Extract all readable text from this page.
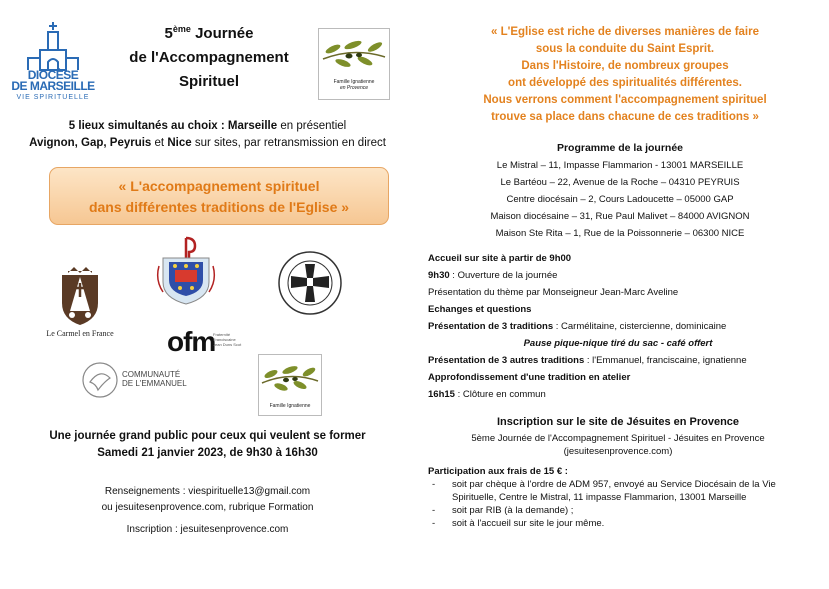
DIOCÈSE
DE MARSEILLE
VIE SPIRITUELLE
5ème Journée
de l'Accompagnement
Spirituel	Famille Ignatienne
en Provence
5 lieux simultanés au choix : Marseille en présentiel
Avignon, Gap, Peyruis et Nice sur sites, par retransmission en direct
« L'accompagnement spirituel
dans différentes traditions de l'Eglise »
Le Carmel en France	ofm
Fraternité Franciscaine Jean Duns Scot
COMMUNAUTÉ
DE L'EMMANUEL
Famille Ignatienne
Une journée grand public pour ceux qui veulent se former
Samedi 21 janvier 2023, de 9h30 à 16h30
Renseignements : viespirituelle13@gmail.com
ou jesuitesenprovence.com, rubrique Formation
Inscription : jesuitesenprovence.com
« L'Eglise est riche de diverses manières de faire
sous la conduite du Saint Esprit.
Dans l'Histoire, de nombreux groupes
ont développé des spiritualités différentes.
Nous verrons comment l'accompagnement spirituel
trouve sa place dans chacune de ces traditions »
Programme de la journée
Le Mistral – 11, Impasse Flammarion - 13001 MARSEILLE
Le Bartéou – 22, Avenue de la Roche – 04310 PEYRUIS
Centre diocésain – 2, Cours Ladoucette – 05000 GAP
Maison diocésaine – 31, Rue Paul Malivet – 84000 AVIGNON
Maison Ste Rita – 1, Rue de la Poissonnerie – 06300 NICE
Accueil sur site à partir de 9h00
9h30 : Ouverture de la journée
Présentation du thème par Monseigneur Jean-Marc Aveline
Echanges et questions
Présentation de 3 traditions : Carmélitaine, cistercienne, dominicaine
Pause pique-nique tiré du sac - café offert
Présentation de 3 autres traditions : l'Emmanuel, franciscaine, ignatienne
Approfondissement d'une tradition en atelier
16h15 : Clôture en commun
Inscription sur le site de Jésuites en Provence
5ème Journée de l'Accompagnement Spirituel - Jésuites en Provence
(jesuitesenprovence.com)
Participation aux frais de 15 € :
- soit par chèque à l'ordre de ADM 957, envoyé au Service Diocésain de la Vie Spirituelle, Centre le Mistral, 11 impasse Flammarion, 13001 Marseille
- soit par RIB (à la demande) ;
- soit à l'accueil sur site le jour même.
